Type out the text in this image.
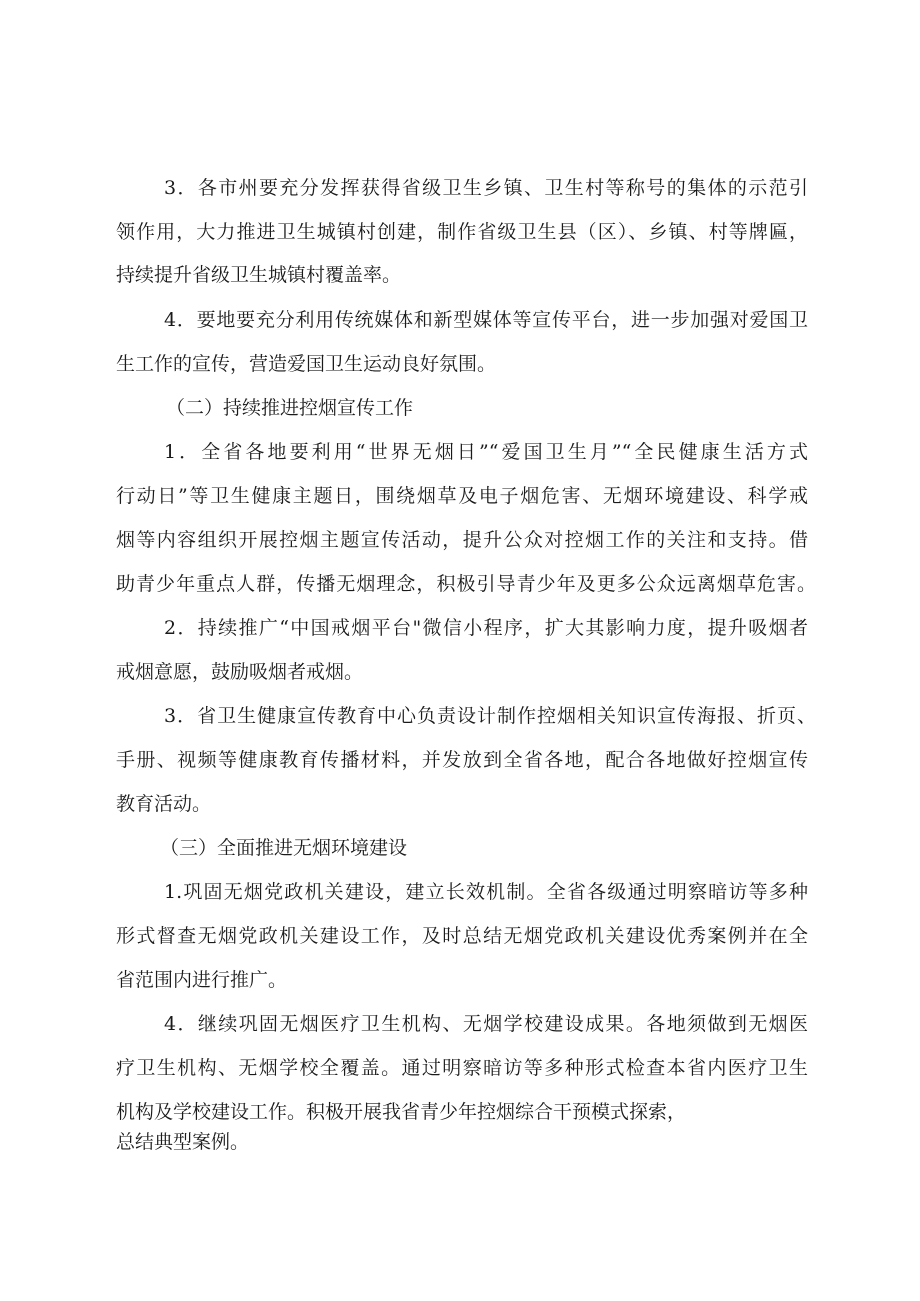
3．各市州要充分发挥获得省级卫生乡镇、卫生村等称号的集体的示范引
领作用，大力推进卫生城镇村创建，制作省级卫生县（区）、乡镇、村等牌匾，
持续提升省级卫生城镇村覆盖率。
4．要地要充分利用传统媒体和新型媒体等宣传平台，进一步加强对爱国卫
生工作的宣传，营造爱国卫生运动良好氛围。
（二）持续推进控烟宣传工作
1．全省各地要利用“世界无烟日”“爱国卫生月”“全民健康生活方式
行动日”等卫生健康主题日，围绕烟草及电子烟危害、无烟环境建设、科学戒
烟等内容组织开展控烟主题宣传活动，提升公众对控烟工作的关注和支持。借
助青少年重点人群，传播无烟理念，积极引导青少年及更多公众远离烟草危害。
2．持续推广“中国戒烟平台"微信小程序，扩大其影响力度，提升吸烟者
戒烟意愿，鼓励吸烟者戒烟。
3．省卫生健康宣传教育中心负责设计制作控烟相关知识宣传海报、折页、
手册、视频等健康教育传播材料，并发放到全省各地，配合各地做好控烟宣传
教育活动。
（三）全面推进无烟环境建设
1.巩固无烟党政机关建设，建立长效机制。全省各级通过明察暗访等多种
形式督查无烟党政机关建设工作，及时总结无烟党政机关建设优秀案例并在全
省范围内进行推广。
4．继续巩固无烟医疗卫生机构、无烟学校建设成果。各地须做到无烟医
疗卫生机构、无烟学校全覆盖。通过明察暗访等多种形式检查本省内医疗卫生
机构及学校建设工作。积极开展我省青少年控烟综合干预模式探索，
总结典型案例。
